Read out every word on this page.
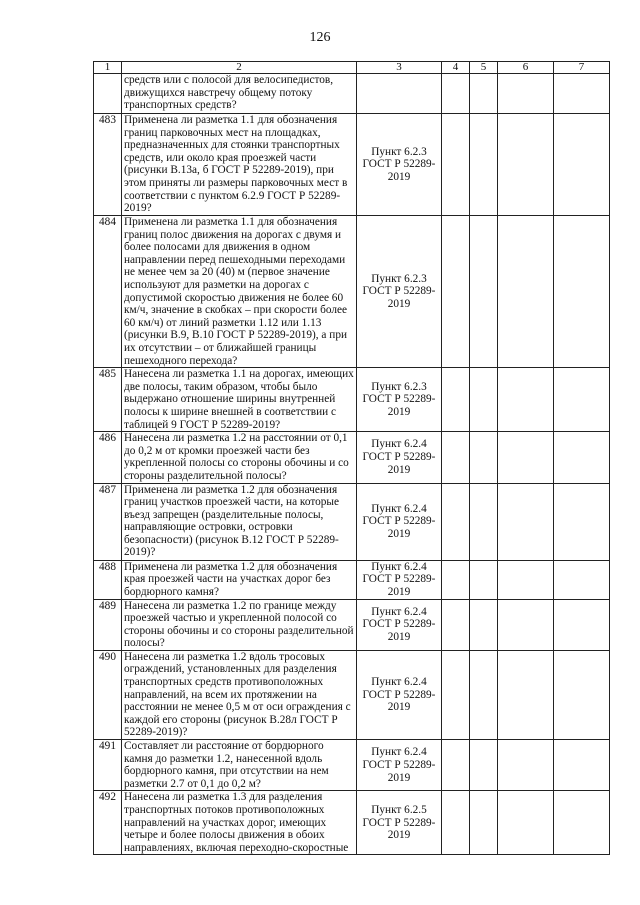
126
1	2	3	4	5	6	7
	средств или с полосой для велосипедистов, движущихся навстречу общему потоку транспортных средств?					
483	Применена ли разметка 1.1 для обозначения границ парковочных мест на площадках, предназначенных для стоянки транспортных средств, или около края проезжей части (рисунки В.13а, б ГОСТ Р 52289-2019), при этом приняты ли размеры парковочных мест в соответствии с пунктом 6.2.9 ГОСТ Р 52289-2019?	Пункт 6.2.3 ГОСТ Р 52289-2019				
484	Применена ли разметка 1.1 для обозначения границ полос движения на дорогах с двумя и более полосами для движения в одном направлении перед пешеходными переходами не менее чем за 20 (40) м (первое значение используют для разметки на дорогах с допустимой скоростью движения не более 60 км/ч, значение в скобках – при скорости более 60 км/ч) от линий разметки 1.12 или 1.13 (рисунки В.9, В.10 ГОСТ Р 52289-2019), а при их отсутствии – от ближайшей границы пешеходного перехода?	Пункт 6.2.3 ГОСТ Р 52289-2019				
485	Нанесена ли разметка 1.1 на дорогах, имеющих две полосы, таким образом, чтобы было выдержано отношение ширины внутренней полосы к ширине внешней в соответствии с таблицей 9 ГОСТ Р 52289-2019?	Пункт 6.2.3 ГОСТ Р 52289-2019				
486	Нанесена ли разметка 1.2 на расстоянии от 0,1 до 0,2 м от кромки проезжей части без укрепленной полосы со стороны обочины и со стороны разделительной полосы?	Пункт 6.2.4 ГОСТ Р 52289-2019				
487	Применена ли разметка 1.2 для обозначения границ участков проезжей части, на которые въезд запрещен (разделительные полосы, направляющие островки, островки безопасности) (рисунок В.12 ГОСТ Р 52289-2019)?	Пункт 6.2.4 ГОСТ Р 52289-2019				
488	Применена ли разметка 1.2 для обозначения края проезжей части на участках дорог без бордюрного камня?	Пункт 6.2.4 ГОСТ Р 52289-2019				
489	Нанесена ли разметка 1.2 по границе между проезжей частью и укрепленной полосой со стороны обочины и со стороны разделительной полосы?	Пункт 6.2.4 ГОСТ Р 52289-2019				
490	Нанесена ли разметка 1.2 вдоль тросовых ограждений, установленных для разделения транспортных средств противоположных направлений, на всем их протяжении на расстоянии не менее 0,5 м от оси ограждения с каждой его стороны (рисунок В.28л ГОСТ Р 52289-2019)?	Пункт 6.2.4 ГОСТ Р 52289-2019				
491	Составляет ли расстояние от бордюрного камня до разметки 1.2, нанесенной вдоль бордюрного камня, при отсутствии на нем разметки 2.7 от 0,1 до 0,2 м?	Пункт 6.2.4 ГОСТ Р 52289-2019				
492	Нанесена ли разметка 1.3 для разделения транспортных потоков противоположных направлений на участках дорог, имеющих четыре и более полосы движения в обоих направлениях, включая переходно-скоростные	Пункт 6.2.5 ГОСТ Р 52289-2019				
